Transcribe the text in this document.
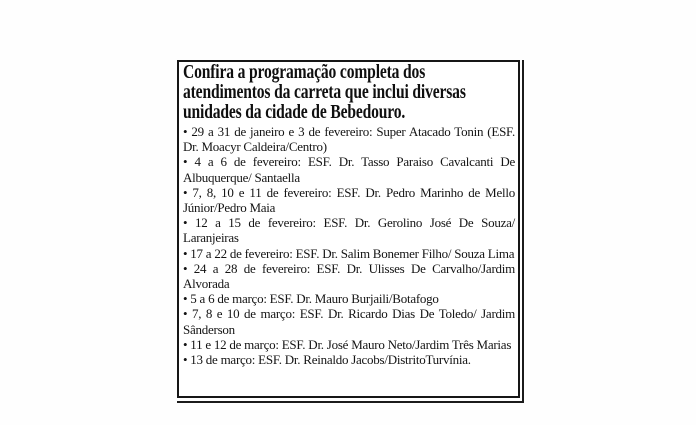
Confira a programação completa dos
atendimentos da carreta que inclui diversas
unidades da cidade de Bebedouro.

• 29 a 31 de janeiro e 3 de fevereiro: Super Atacado Tonin (ESF. Dr. Moacyr Caldeira/Centro)

• 4 a 6 de fevereiro: ESF. Dr. Tasso Paraiso Cavalcanti De Albuquerque/ Santaella

• 7, 8, 10 e 11 de fevereiro: ESF. Dr. Pedro Marinho de Mello Júnior/Pedro Maia

• 12 a 15 de fevereiro: ESF. Dr. Gerolino José De Souza/ Laranjeiras

• 17 a 22 de fevereiro: ESF. Dr. Salim Bonemer Filho/ Souza Lima

• 24 a 28 de fevereiro: ESF. Dr. Ulisses De Carvalho/Jardim Alvorada

• 5 a 6 de março: ESF. Dr. Mauro Burjaili/Botafogo

• 7, 8 e 10 de março: ESF. Dr. Ricardo Dias De Toledo/ Jardim Sânderson

• 11 e 12 de março: ESF. Dr. José Mauro Neto/Jardim Três Marias

• 13 de março: ESF. Dr. Reinaldo Jacobs/DistritoTurvínia.
